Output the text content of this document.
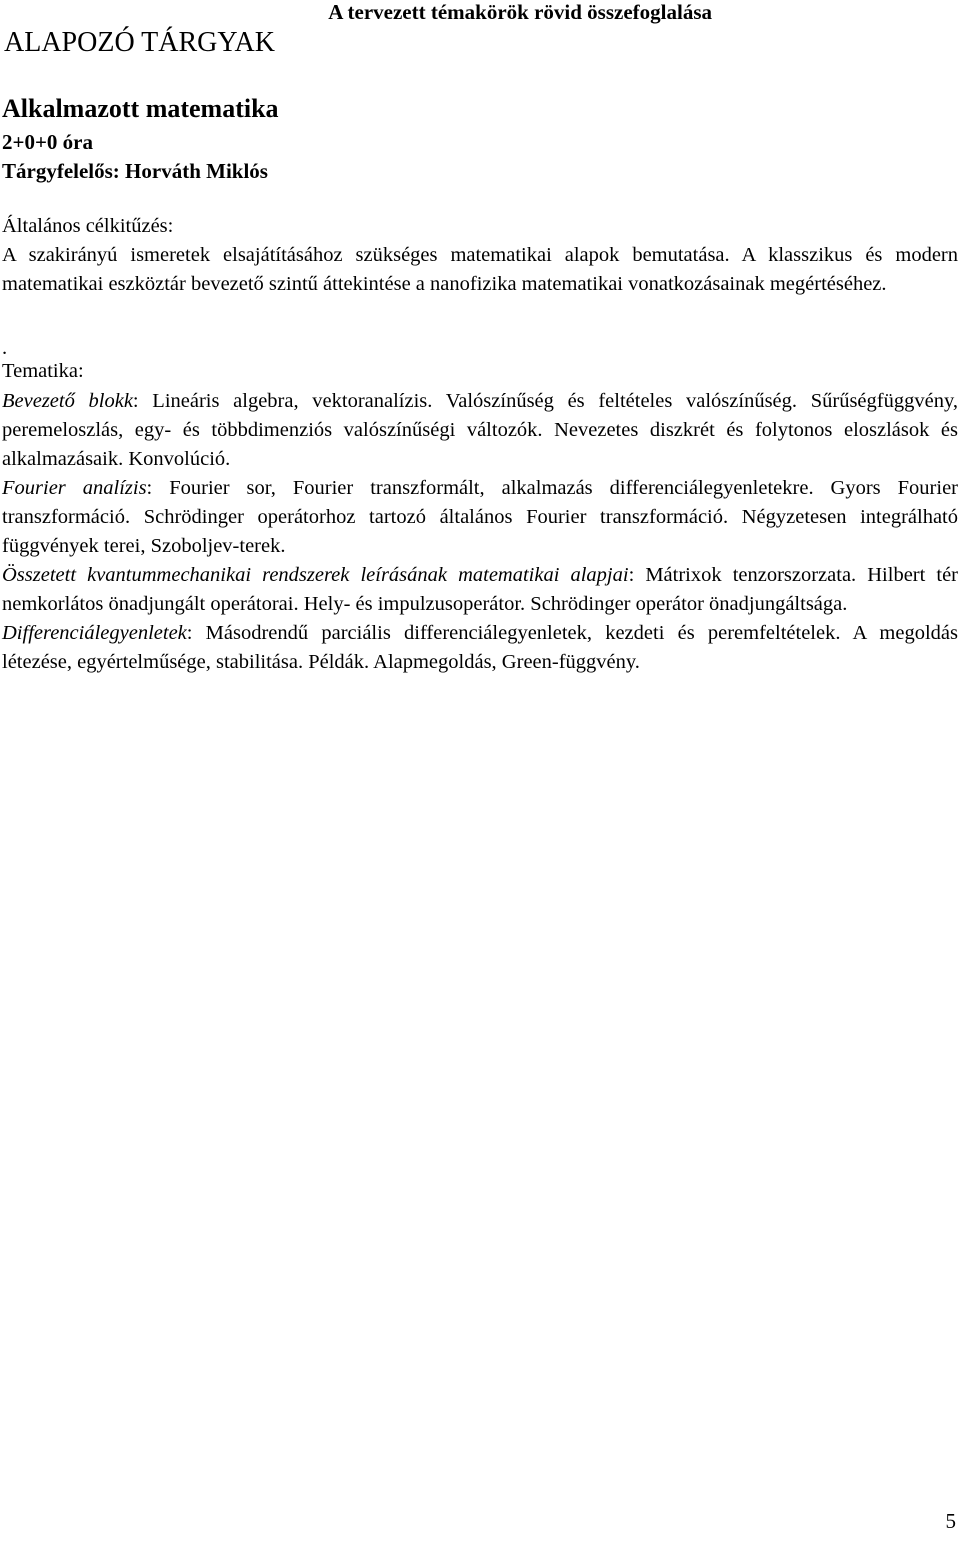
A tervezett témakörök rövid összefoglalása
ALAPOZÓ TÁRGYAK
Alkalmazott matematika
2+0+0 óra
Tárgyfelelős: Horváth Miklós
Általános célkitűzés:
A szakirányú ismeretek elsajátításához szükséges matematikai alapok bemutatása. A klasszikus és modern matematikai eszköztár bevezető szintű áttekintése a nanofizika matematikai vonatkozásainak megértéséhez.
.
Tematika:
Bevezető blokk: Lineáris algebra, vektoranalízis. Valószínűség és feltételes valószínűség. Sűrűségfüggvény, peremeloszlás, egy- és többdimenziós valószínűségi változók. Nevezetes diszkrét és folytonos eloszlások és alkalmazásaik. Konvolúció.
Fourier analízis: Fourier sor, Fourier transzformált, alkalmazás differenciálegyenletekre. Gyors Fourier transzformáció. Schrödinger operátorhoz tartozó általános Fourier transzformáció. Négyzetesen integrálható függvények terei, Szoboljev-terek.
Összetett kvantummechanikai rendszerek leírásának matematikai alapjai: Mátrixok tenzorszorzata. Hilbert tér nemkorlátos önadjungált operátorai. Hely- és impulzusoperátor. Schrödinger operátor önadjungáltsága.
Differenciálegyenletek: Másodrendű parciális differenciálegyenletek, kezdeti és peremfeltételek. A megoldás létezése, egyértelműsége, stabilitása. Példák. Alapmegoldás, Green-függvény.
5
